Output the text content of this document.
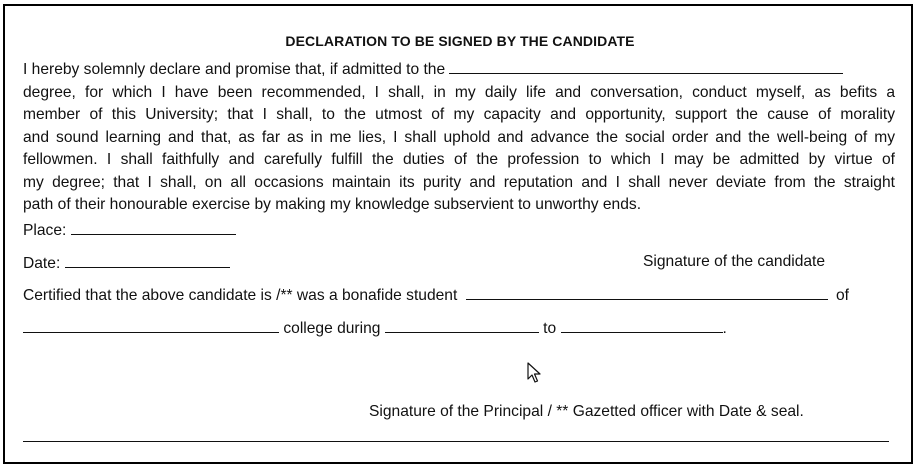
DECLARATION TO BE SIGNED BY THE CANDIDATE
I hereby solemnly declare and promise that, if admitted to the
degree, for which I have been recommended, I shall, in my daily life and conversation, conduct myself, as befits a
member of this University; that I shall, to the utmost of my capacity and opportunity, support the cause of morality
and sound learning and that, as far as in me lies, I shall uphold and advance the social order and the well-being of my
fellowmen. I shall faithfully and carefully fulfill the duties of the profession to which I may be admitted by virtue of
my degree; that I shall, on all occasions maintain its purity and reputation and I shall never deviate from the straight
path of their honourable exercise by making my knowledge subservient to unworthy ends.
Place:
Date:	Signature of the candidate
Certified that the above candidate is /** was a bonafide student	of
college during	to	.
Signature of the Principal / ** Gazetted officer with Date & seal.
